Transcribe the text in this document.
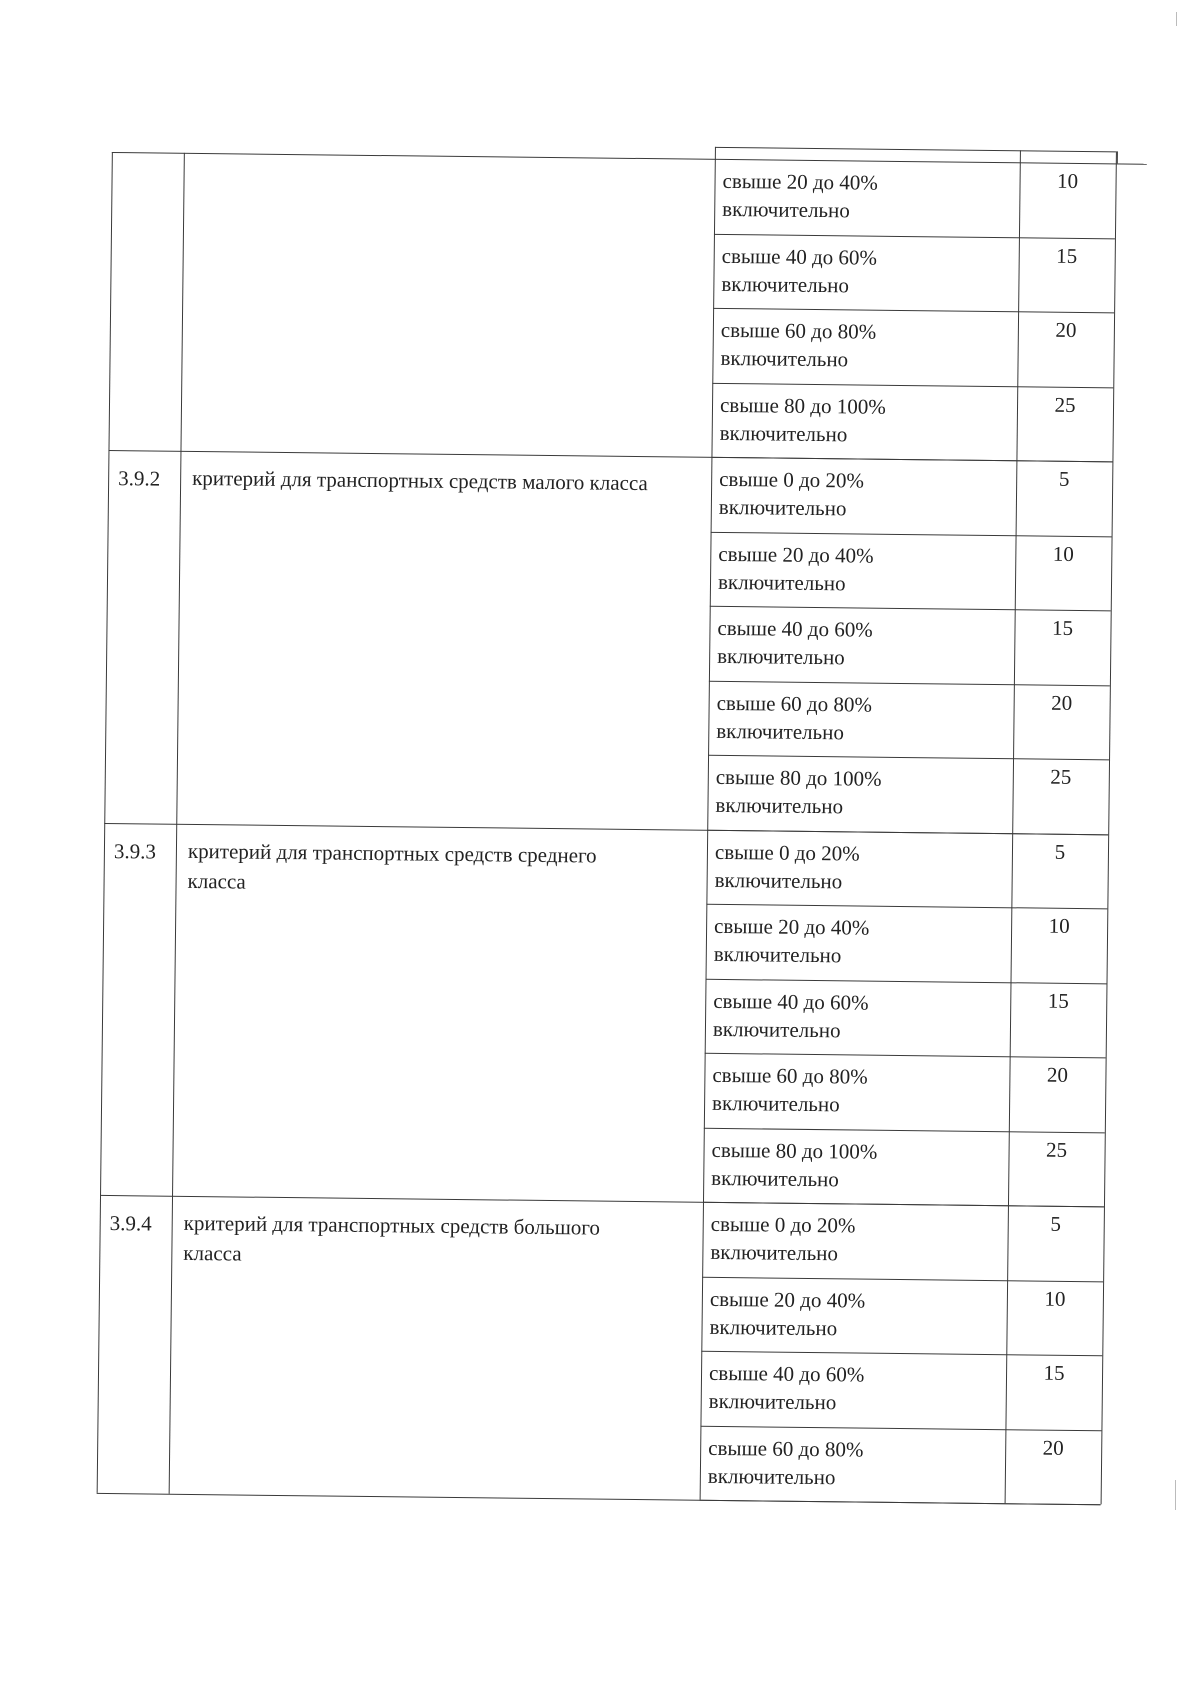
свыше 20 до 40%
включительно
10
свыше 40 до 60%
включительно
15
свыше 60 до 80%
включительно
20
свыше 80 до 100%
включительно
25
3.9.2 критерий для транспортных средств малого класса	свыше 0 до 20%
включительно
5
свыше 20 до 40%
включительно
10
свыше 40 до 60%
включительно
15
свыше 60 до 80%
включительно
20
свыше 80 до 100%
включительно
25
3.9.3 критерий для транспортных средств среднего класса
свыше 0 до 20%
включительно
5
свыше 20 до 40%
включительно
10
свыше 40 до 60%
включительно
15
свыше 60 до 80%
включительно
20
свыше 80 до 100%
включительно
25
3.9.4 критерий для транспортных средств большого класса
свыше 0 до 20%
включительно
5
свыше 20 до 40%
включительно
10
свыше 40 до 60%
включительно
15
свыше 60 до 80%
включительно
20
